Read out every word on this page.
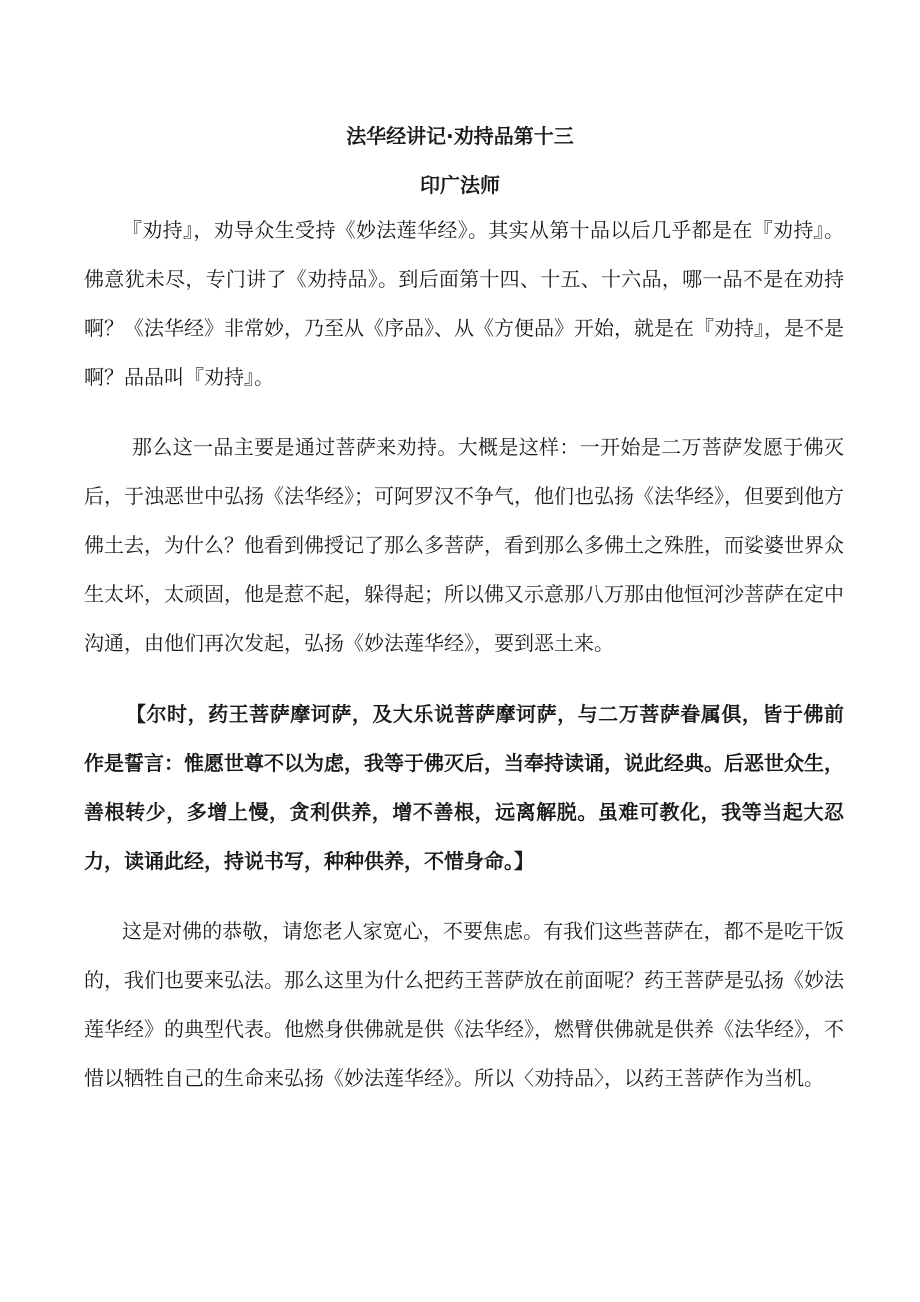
法华经讲记·劝持品第十三
印广法师

『劝持』，劝导众生受持《妙法莲华经》。其实从第十品以后几乎都是在『劝持』。佛意犹未尽，专门讲了《劝持品》。到后面第十四、十五、十六品，哪一品不是在劝持啊？《法华经》非常妙，乃至从《序品》、从《方便品》开始，就是在『劝持』，是不是啊？品品叫『劝持』。

那么这一品主要是通过菩萨来劝持。大概是这样：一开始是二万菩萨发愿于佛灭后，于浊恶世中弘扬《法华经》；可阿罗汉不争气，他们也弘扬《法华经》，但要到他方佛土去，为什么？他看到佛授记了那么多菩萨，看到那么多佛土之殊胜，而娑婆世界众生太坏，太顽固，他是惹不起，躲得起；所以佛又示意那八万那由他恒河沙菩萨在定中沟通，由他们再次发起，弘扬《妙法莲华经》，要到恶土来。

【尔时，药王菩萨摩诃萨，及大乐说菩萨摩诃萨，与二万菩萨眷属俱，皆于佛前作是誓言：惟愿世尊不以为虑，我等于佛灭后，当奉持读诵，说此经典。后恶世众生，善根转少，多增上慢，贪利供养，增不善根，远离解脱。虽难可教化，我等当起大忍力，读诵此经，持说书写，种种供养，不惜身命。】

这是对佛的恭敬，请您老人家宽心，不要焦虑。有我们这些菩萨在，都不是吃干饭的，我们也要来弘法。那么这里为什么把药王菩萨放在前面呢？药王菩萨是弘扬《妙法莲华经》的典型代表。他燃身供佛就是供《法华经》，燃臂供佛就是供养《法华经》，不惜以牺牲自己的生命来弘扬《妙法莲华经》。所以〈劝持品〉，以药王菩萨作为当机。
